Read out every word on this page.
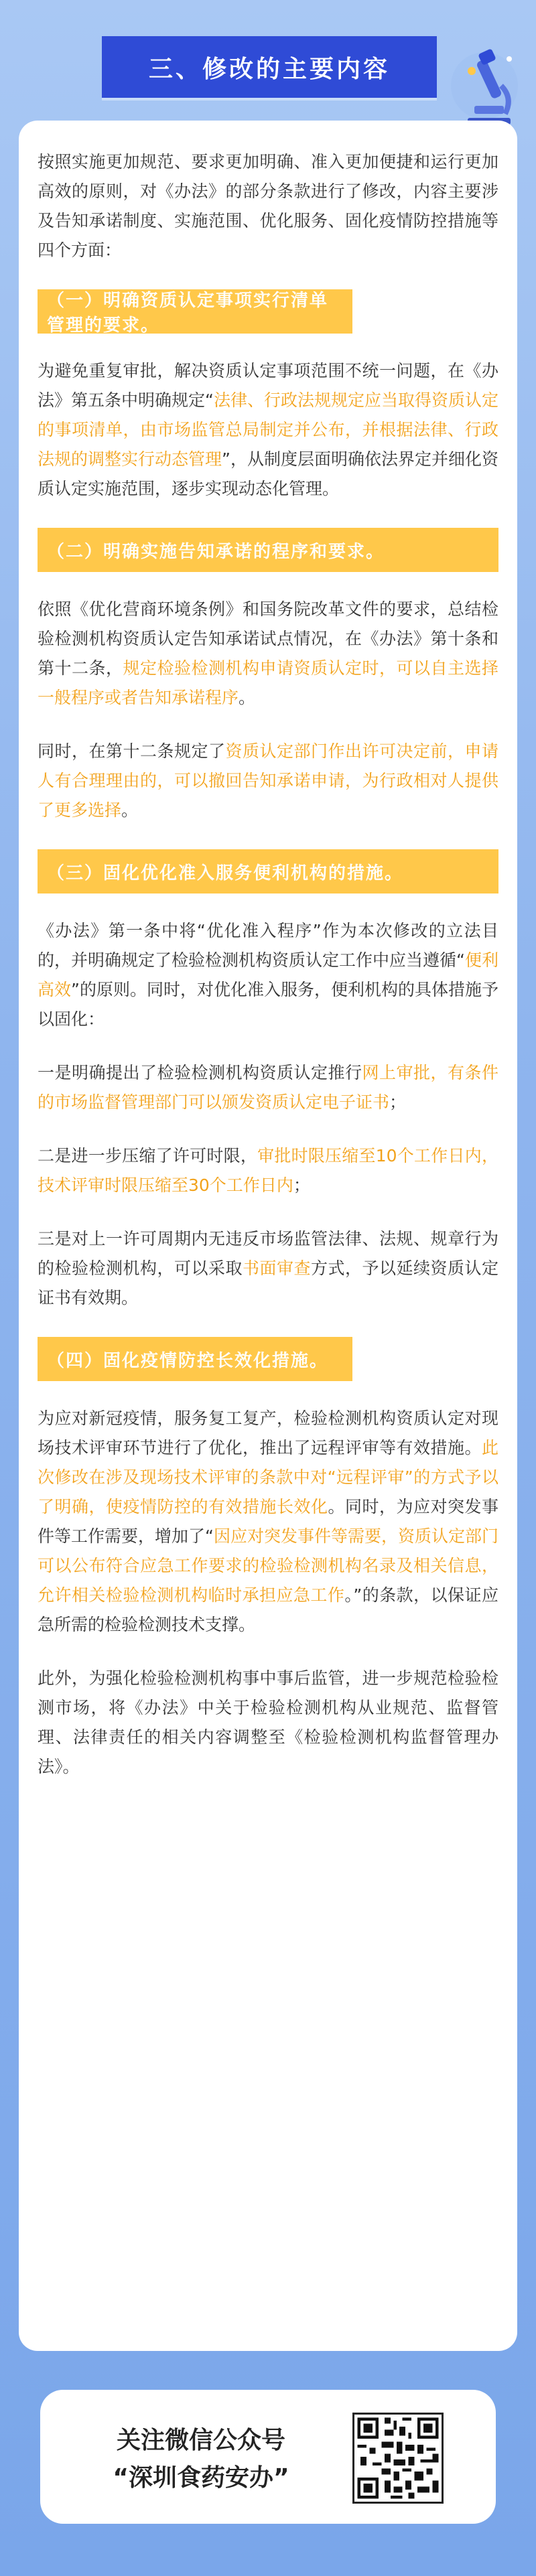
三、修改的主要内容

按照实施更加规范、要求更加明确、准入更加便捷和运行更加高效的原则，对《办法》的部分条款进行了修改，内容主要涉及告知承诺制度、实施范围、优化服务、固化疫情防控措施等四个方面：

（一）明确资质认定事项实行清单管理的要求。

为避免重复审批，解决资质认定事项范围不统一问题，在《办法》第五条中明确规定“法律、行政法规规定应当取得资质认定的事项清单，由市场监管总局制定并公布，并根据法律、行政法规的调整实行动态管理”，从制度层面明确依法界定并细化资质认定实施范围，逐步实现动态化管理。

（二）明确实施告知承诺的程序和要求。

依照《优化营商环境条例》和国务院改革文件的要求，总结检验检测机构资质认定告知承诺试点情况，在《办法》第十条和第十二条，规定检验检测机构申请资质认定时，可以自主选择一般程序或者告知承诺程序。

同时，在第十二条规定了资质认定部门作出许可决定前，申请人有合理理由的，可以撤回告知承诺申请，为行政相对人提供了更多选择。

（三）固化优化准入服务便利机构的措施。

《办法》第一条中将“优化准入程序”作为本次修改的立法目的，并明确规定了检验检测机构资质认定工作中应当遵循“便利高效”的原则。同时，对优化准入服务，便利机构的具体措施予以固化：

一是明确提出了检验检测机构资质认定推行网上审批，有条件的市场监督管理部门可以颁发资质认定电子证书；

二是进一步压缩了许可时限，审批时限压缩至10个工作日内，技术评审时限压缩至30个工作日内；

三是对上一许可周期内无违反市场监管法律、法规、规章行为的检验检测机构，可以采取书面审查方式，予以延续资质认定证书有效期。

（四）固化疫情防控长效化措施。

为应对新冠疫情，服务复工复产，检验检测机构资质认定对现场技术评审环节进行了优化，推出了远程评审等有效措施。此次修改在涉及现场技术评审的条款中对“远程评审”的方式予以了明确，使疫情防控的有效措施长效化。同时，为应对突发事件等工作需要，增加了“因应对突发事件等需要，资质认定部门可以公布符合应急工作要求的检验检测机构名录及相关信息，允许相关检验检测机构临时承担应急工作。”的条款，以保证应急所需的检验检测技术支撑。

此外，为强化检验检测机构事中事后监管，进一步规范检验检测市场，将《办法》中关于检验检测机构从业规范、监督管理、法律责任的相关内容调整至《检验检测机构监督管理办法》。

关注微信公众号
“深圳食药安办”
